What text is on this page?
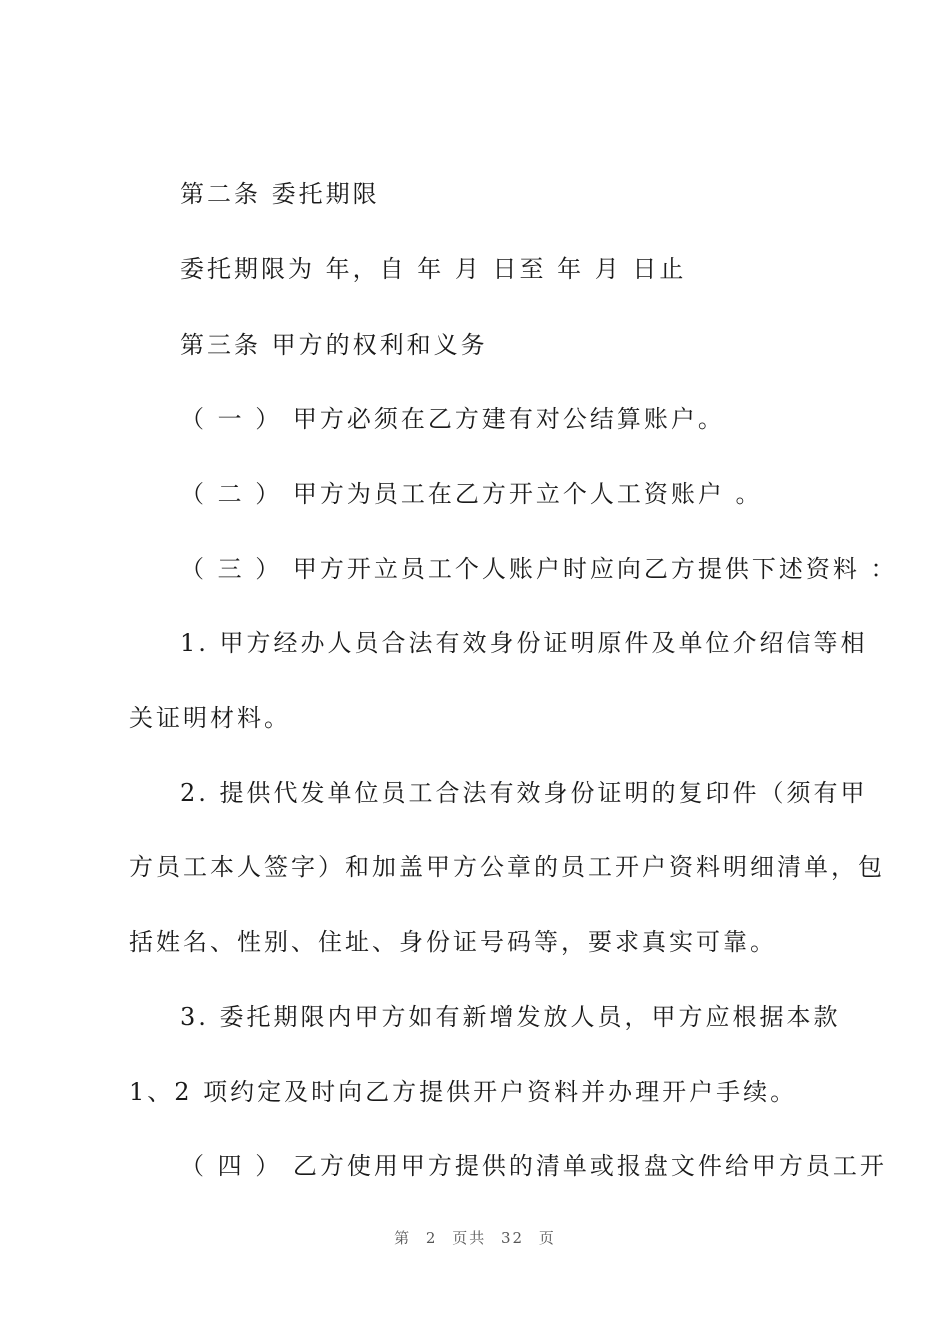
第二条 委托期限
委托期限为 年，自 年 月 日至 年 月 日止
第三条 甲方的权利和义务
（ 一 ） 甲方必须在乙方建有对公结算账户。
（ 二 ） 甲方为员工在乙方开立个人工资账户 。
（ 三 ） 甲方开立员工个人账户时应向乙方提供下述资料 ：
1. 甲方经办人员合法有效身份证明原件及单位介绍信等相
关证明材料。
2. 提供代发单位员工合法有效身份证明的复印件（须有甲
方员工本人签字）和加盖甲方公章的员工开户资料明细清单，包
括姓名、性别、住址、身份证号码等，要求真实可靠。
3. 委托期限内甲方如有新增发放人员，甲方应根据本款
1、2 项约定及时向乙方提供开户资料并办理开户手续。
（ 四 ） 乙方使用甲方提供的清单或报盘文件给甲方员工开
第 2 页共 32 页
